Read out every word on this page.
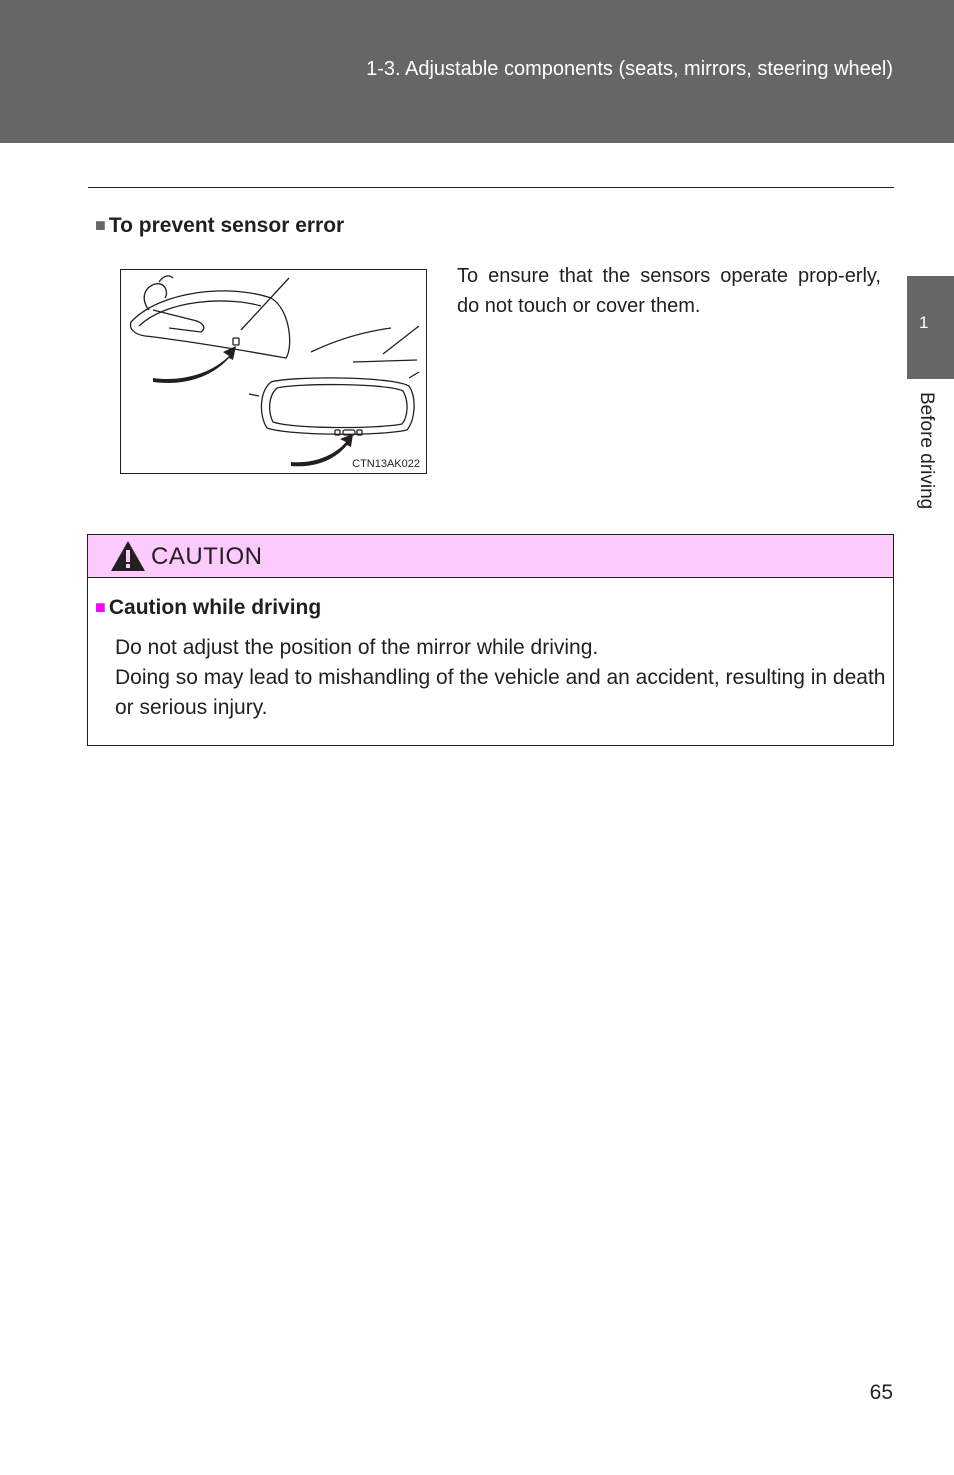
1-3. Adjustable components (seats, mirrors, steering wheel)
■ To prevent sensor error
CTN13AK022
To ensure that the sensors operate prop-erly, do not touch or cover them.
CAUTION
■ Caution while driving

Do not adjust the position of the mirror while driving.

Doing so may lead to mishandling of the vehicle and an accident, resulting in death or serious injury.

1
Before driving
65
